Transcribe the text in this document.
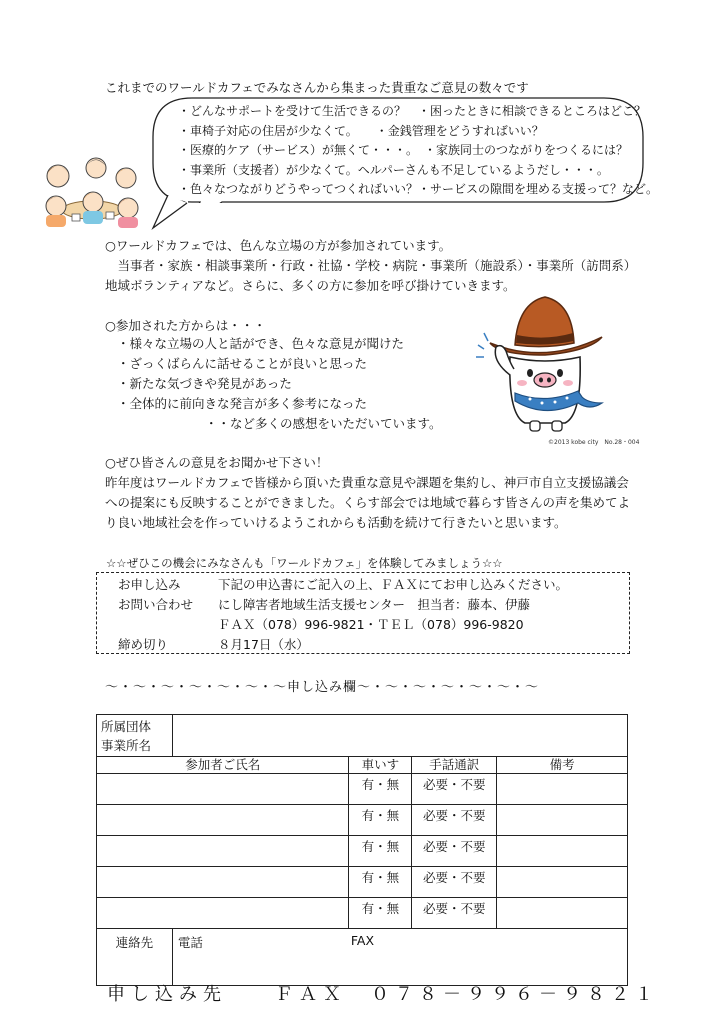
これまでのワールドカフェでみなさんから集まった貴重なご意見の数々です
・どんなサポートを受けて生活できるの？　・困ったときに相談できるところはどこ？
・車椅子対応の住居が少なくて。　　・金銭管理をどうすればいい？
・医療的ケア（サービス）が無くて・・・。　・家族同士のつながりをつくるには？
・事業所（支援者）が少なくて。ヘルパーさんも不足しているようだし・・・。
・色々なつながりどうやってつくればいい？・サービスの隙間を埋める支援って？など。
○ワールドカフェでは、色んな立場の方が参加されています。
　当事者・家族・相談事業所・行政・社協・学校・病院・事業所（施設系）・事業所（訪問系）
地域ボランティアなど。さらに、多くの方に参加を呼び掛けていきます。
○参加された方からは・・・
・様々な立場の人と話ができ、色々な意見が聞けた
・ざっくばらんに話せることが良いと思った
・新たな気づきや発見があった
・全体的に前向きな発言が多く参考になった
・・など多くの感想をいただいています。
©2013 kobe city　No.28・004
○ぜひ皆さんの意見をお聞かせ下さい！
昨年度はワールドカフェで皆様から頂いた貴重な意見や課題を集約し、神戸市自立支援協議会
への提案にも反映することができました。くらす部会では地域で暮らす皆さんの声を集めてよ
り良い地域社会を作っていけるようこれからも活動を続けて行きたいと思います。
☆☆ぜひこの機会にみなさんも「ワールドカフェ」を体験してみましょう☆☆
お申し込み	下記の申込書にご記入の上、ＦＡＸにてお申し込みください。
お問い合わせ にし障害者地域生活支援センター　担当者：藤本、伊藤
ＦＡＸ（078）996-9821・ＴＥＬ（078）996-9820
締め切り	８月17日（水）
～・～・～・～・～・～・～申し込み欄～・～・～・～・～・～・～
所属団体
事業所名				

参加者ご氏名		車いす	手話通訳	備考
		有・無	必要・不要	
		有・無	必要・不要	
		有・無	必要・不要	
		有・無	必要・不要	
		有・無	必要・不要	
連絡先	電話 FAX			
申し込み先　　ＦＡＸ　０７８－９９６－９８２１
